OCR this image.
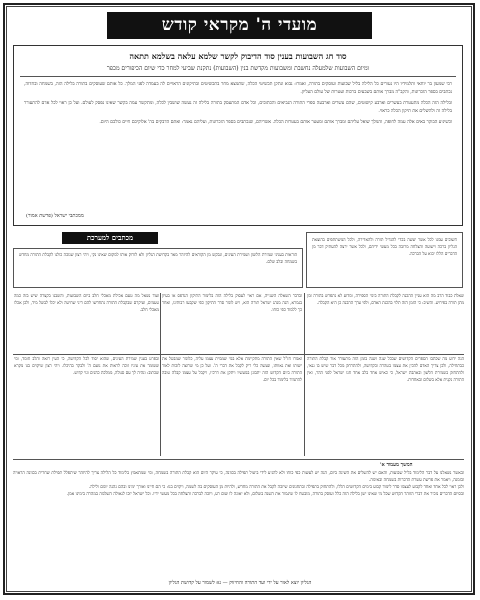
מועדי ה' מקראי קודש
סוד חג השבועות בענין סוד הדיבוק לקשר שלמא עלאה בשלמא תתאה
ומיום השבועות שלמעלה נחשבת ומשבועות מקדשת בנין (השבועות) נתקנת שביעי למחר כדי שיום הכיפורים מכפר
רבי שמעון בר יוחאי ותלמידיו היו נעורים כל הלילה בליל שבועות ועוסקים בתורה, ואמרו: נבוא ונתקן תכשיטי הכלה, שתמצא מחר בתכשיטים ובתיקונים הראויים לה בעמדה לפני המלך. כל אותם שעוסקים בתורה בלילה הזה, בשמחה ובחדוה, נכתבים בספר הזכרונות, והקב"ה מברך אותם בשבעים ברכות ועטרות של עולם העליון.
ובלילה הזה הכלה מתעטרת בעשרים וארבע קישוטים, שהם עשרים וארבעה ספרי התורה הנביאים והכתובים, וכל אדם המתעסק בתורה בלילה זה נעשה שושבין לכלה, ומתקשר עמה בקשר שאינו נפסק לעולם. ועל כן ראוי לכל אדם להתעורר בלילה זה ולהשלים את תיקון הכלה כראוי.
וכשיגיע הבוקר באים אלה עמה לחופה, והמלך שואל עליהם ומברך אותם ומעטר אותם בעטרות הכלה. אשריהם, שנכתבים בספר הזכרונות, ועליהם נאמר: ואתם הדבקים בה' אלוקיכם חיים כולכם היום.
ממכתבי ישראל (פרשת אמור)
מכתבים למערכת	חשובים עמנו לכל אשר יעשה בכדי להגדיל תורה ולהאדירה, ולכל המשתתפים בהוצאת הגליון ברכה וישועה והצלחה מרובה בכל מעשי ידיהם, ולכל אשר ירצה להעתיק דבר מן הדברים הללו יבוא על הברכה.
הוראות בעניני שמירת הלשון ושמירת העינים, ונבקש מן הקוראים להיזהר מאד בקדושת הגליון ולא לזרוק אותו למקום שאינו נקי, ויהי רצון שנזכה כולנו לקבלת התורה מחדש בשמחה ובלב שלם.
שאלת כבוד הרב מה הוא עניין ההכנה לקבלת התורה בימי הספירה, ומדוע לא נתפרש בתורה זמן מתן תורה בפירוש. והשיב: כי הזמן הזה תלוי בהכנת האדם, ולפי ערך ההכנה כן היא הקבלה.
ובדבר השאלה השנייה, אם ראוי לעסוק בלילה הזה בלימוד התיקון הנדפס או בעיון בגמרא, הנה מנהג ישראל תורה הוא, ויש לומר סדר התיקון כפי שקבעו רבותינו, ואחר כך ללמוד כפי כוחו.
ועוד נשאל מה טעם אכילת מאכלי חלב ביום השבועות, והשבנו בקצרה שיש בזה כמה טעמים, ועיקרם שבקבלת התורה נתחדשו להם דיני שחיטה ולא יכלו לבשל מיד, ולכן אכלו מאכלי חלב.
הנה ידוע מה שכתבו הספרים הקדושים שבכל שנה ושנה בזמן הזה מתעורר אור קבלת התורה כבתחילה, ולכן צריך האדם להכין את עצמו בטהרה ובקדושה, ולהתרחק מכל דבר שיש בו גנאי, ולהתחזק בשמירת הלשון ובאהבת ישראל, כי כאיש אחד בלב אחד חנו ישראל לפני ההר, ואין התורה נקנית אלא בשלום ובאחדות.
ואמרו חז"ל שאין התורה מתקיימת אלא במי שממית עצמו עליה, כלומר שמבטל את ישותו ואת גאוותו, ונעשה כלי ריק לקבל את דברי ה'. ועל כן מי שרוצה לזכות לאור התורה ביום הקדוש הזה יתבונן במעשיו ויתקן את דרכיו, ויקבל על עצמו קבלה טובה להתמיד בלימוד בכל יום.
ובפרט בענין שמירת העינים, שהוא יסוד לכל הקדושה, כי העין רואה והלב חומד, ומי ששומר את עיניו זוכה לראות את נועם ה' ולבקר בהיכלו. ויהי רצון שיקוים בנו מקרא שכתוב: ונהיה לך עם סגולה, ממלכת כהנים וגוי קדוש.
המשך מעמוד א'
ובאשר נשאלנו על דבר הלימוד בליל שבועות, והאם יש להשלים את השינה ביום, הנה יש לעשות כפי כוחו ולא להגיע לידי ביטול תפילה בכוונה, כי עיקר היום הוא קבלת התורה בשמחה, ומי שמתאמץ בלימוד כל הלילה צריך להיזהר שיתפלל תפילת שחרית בכוונה הראויה ובזמנה, ויאמר את פרשת עשרת הדברות בשמחה ובאימה.
ולכן ראוי לכל אחד ואחד לקבוע לעצמו סדר לימוד קבוע בימים הקדושים הללו, ולהתחזק בתפילה ובתחנונים שיזכה לקבל את התורה מחדש, ולהיות מן העוסקים בה לשמה, ויקוים בנו: כי הם חיינו ואורך ימינו ובהם נהגה יומם ולילה.
ובסיום הדברים נזכיר את דברי הזוהר הקדוש שכל מי שאינו ישן בלילה הזה כלל ועוסק בתורה, מובטח לו שיגמור את השנה בשלום, ולא יאונה לו שום רע, ויזכה לברכה והצלחה בכל מעשי ידיו. וכל ישראל יזכו לגאולה השלמה במהרה בימינו אמן.
הגליון יוצא לאור על ידי ועד התורה והחיזוק — נא לשמור על קדושת הגליון
